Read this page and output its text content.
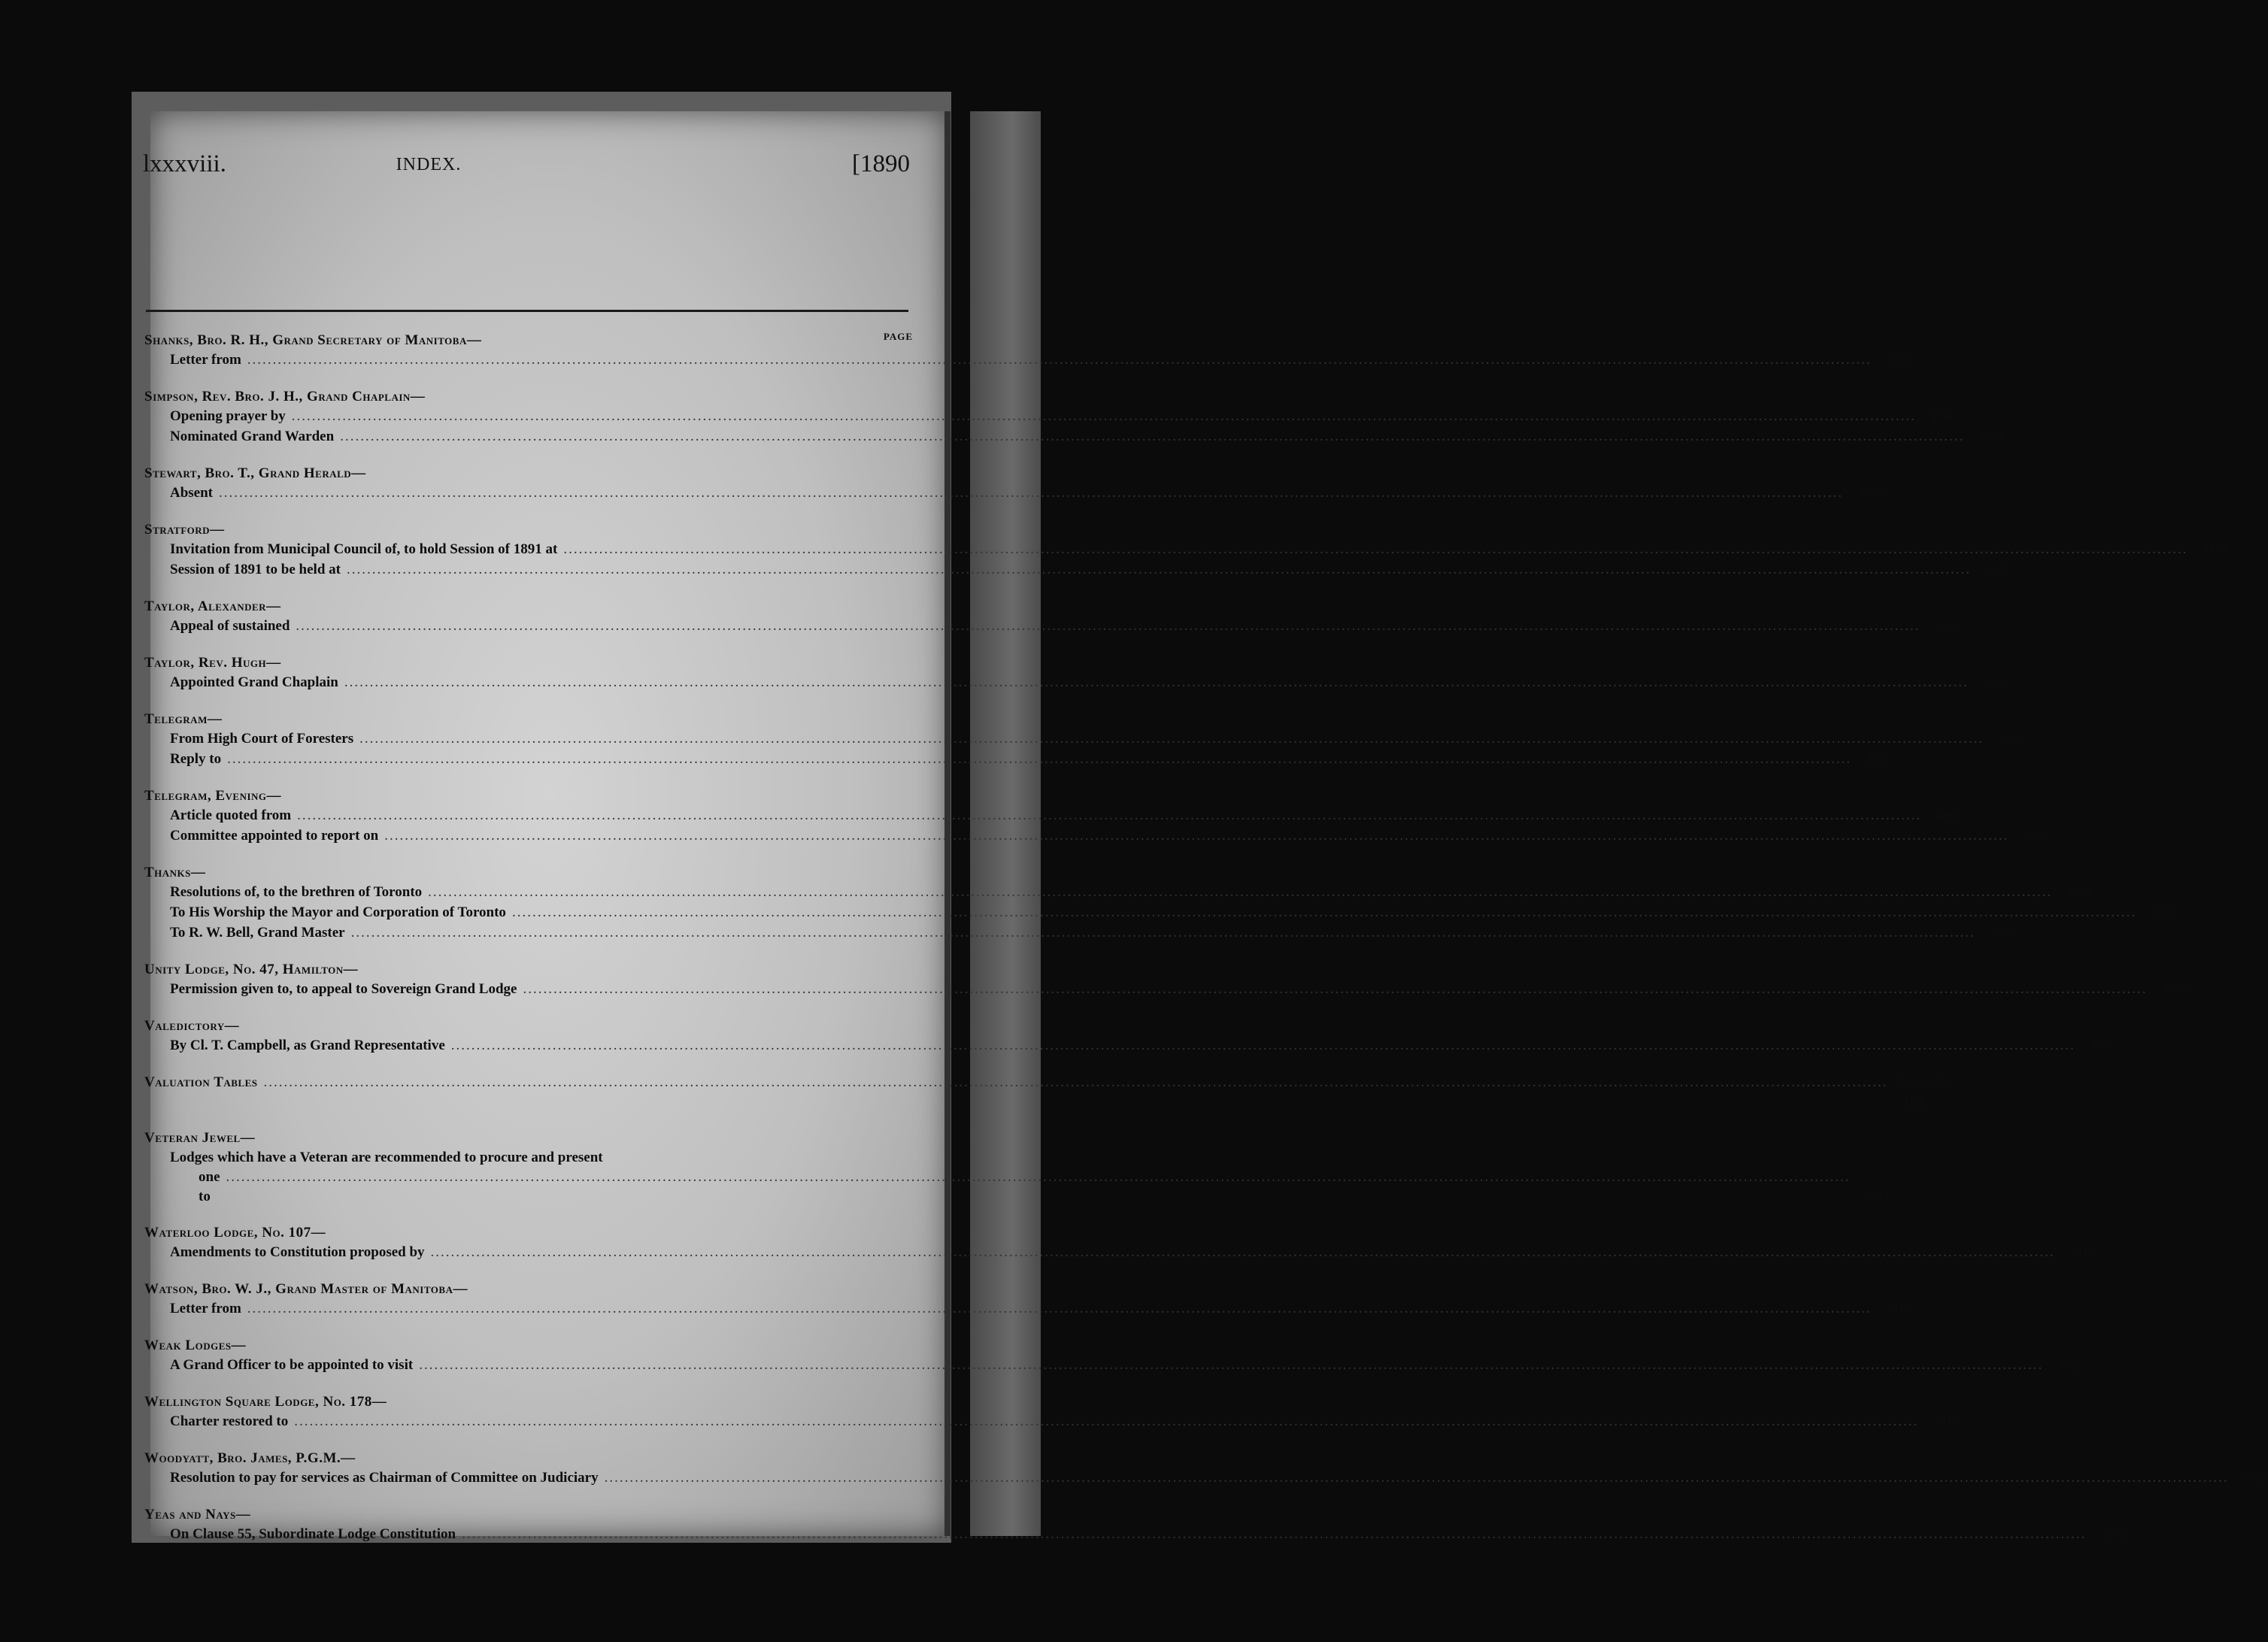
lxxxviii.	INDEX.	[1890
PAGE
Shanks, Bro. R. H., Grand Secretary of Manitoba—
Letter from .....	4920
Simpson, Rev. Bro. J. H., Grand Chaplain—
Opening prayer by .....	4700
Nominated Grand Warden .....	4925
Stewart, Bro. T., Grand Herald—
Absent .....	4708
Stratford—
Invitation from Municipal Council of, to hold Session of 1891 at .....	4918
Session of 1891 to be held at .....	4918
Taylor, Alexander—
Appeal of sustained .....	4888
Taylor, Rev. Hugh—
Appointed Grand Chaplain .....	4926
Telegram—
From High Court of Foresters .....	4860
Reply to .....	4865
Telegram, Evening—
Article quoted from .....	4867
Committee appointed to report on .....	4867
Thanks—
Resolutions of, to the brethren of Toronto .....	4923
To His Worship the Mayor and Corporation of Toronto .....	4923
To R. W. Bell, Grand Master .....	4925
Unity Lodge, No. 47, Hamilton—
Permission given to, to appeal to Sovereign Grand Lodge .....	4933
Valedictory—
By Cl. T. Campbell, as Grand Representative .....	4948
Valuation Tables .....	Appendix, lxii.
Veteran Jewel—
Lodges which have a Veteran are recommended to procure and present
one to
.....	4922
Waterloo Lodge, No. 107—
Amendments to Constitution proposed by .....	4842
Watson, Bro. W. J., Grand Master of Manitoba—
Letter from .....	4919
Weak Lodges—
A Grand Officer to be appointed to visit .....	4922
Wellington Square Lodge, No. 178—
Charter restored to .....	4915
Woodyatt, Bro. James, P.G.M.—
Resolution to pay for services as Chairman of Committee on Judiciary .....	4925
Yeas and Nays—
On Clause 55, Subordinate Lodge Constitution .....	4882
